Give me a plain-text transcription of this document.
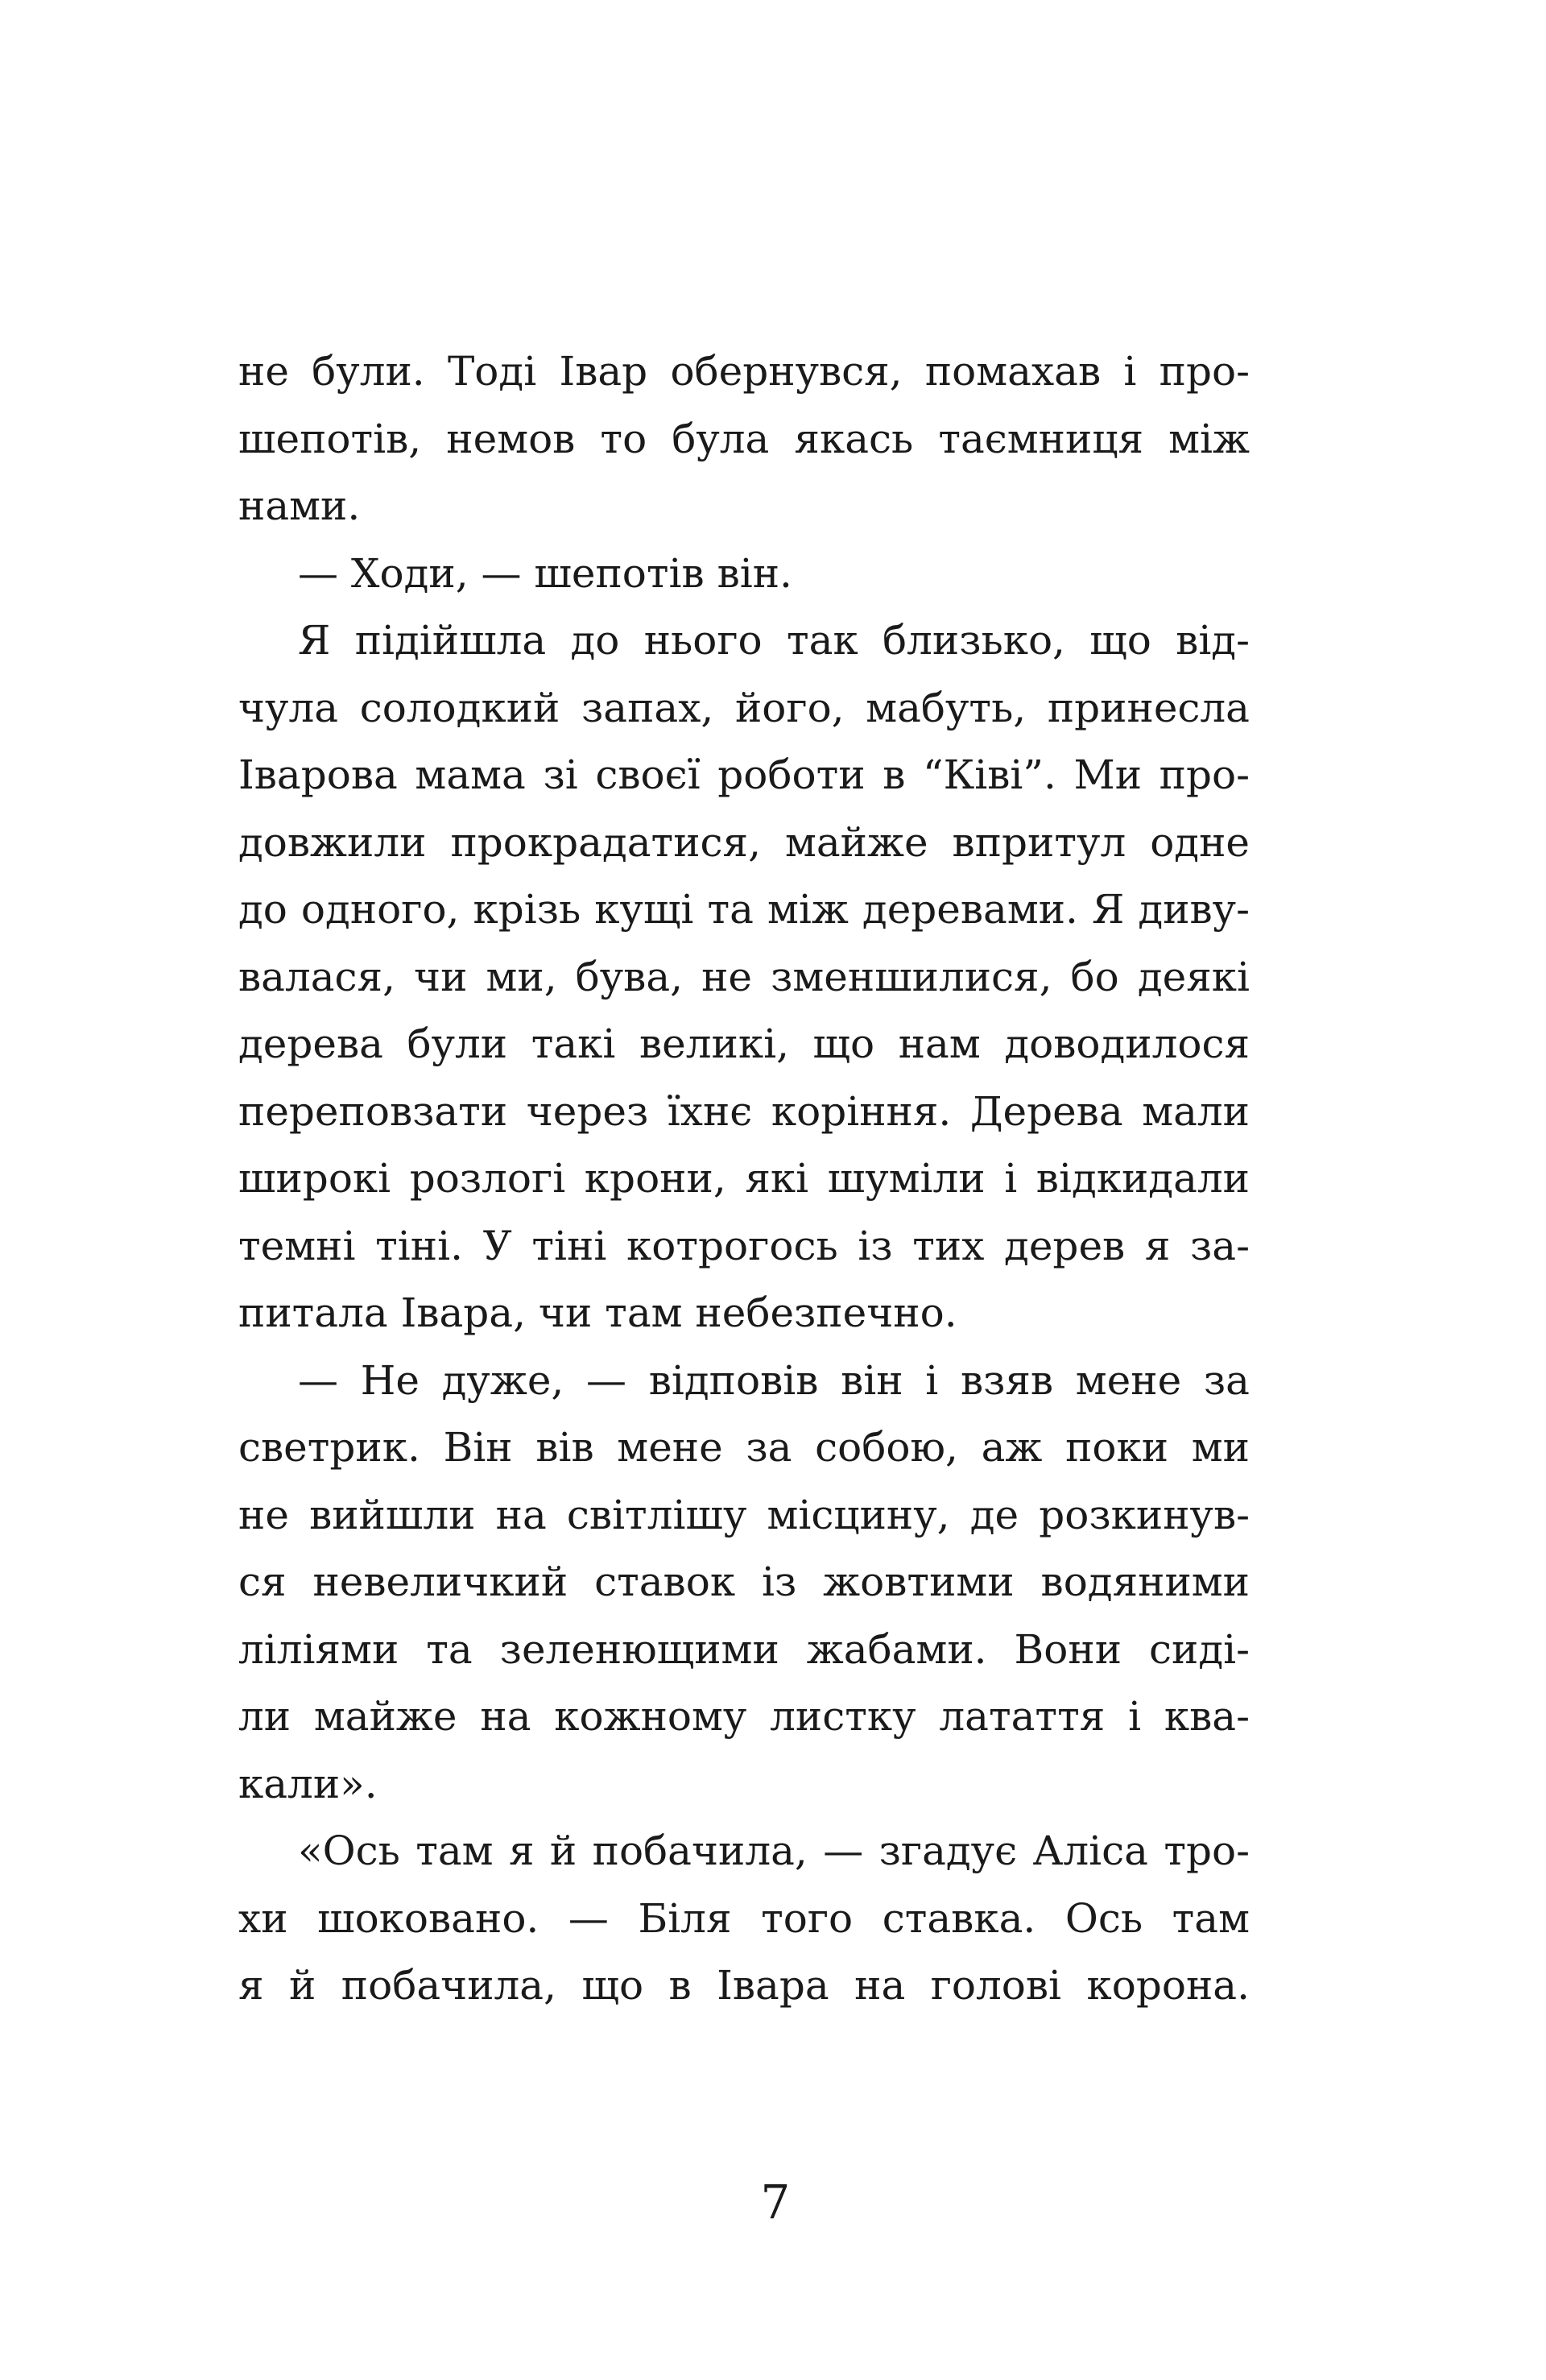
не були. Тоді Івар обернувся, помахав і про-
шепотів, немов то була якась таємниця між
нами.
— Ходи, — шепотів він.
Я підійшла до нього так близько, що від-
чула солодкий запах, його, мабуть, принесла
Іварова мама зі своєї роботи в “Ківі”. Ми про-
довжили прокрадатися, майже впритул одне
до одного, крізь кущі та між деревами. Я диву-
валася, чи ми, бува, не зменшилися, бо деякі
дерева були такі великі, що нам доводилося
переповзати через їхнє коріння. Дерева мали
широкі розлогі крони, які шуміли і відкидали
темні тіні. У тіні котрогось із тих дерев я за-
питала Івара, чи там небезпечно.
— Не дуже, — відповів він і взяв мене за
светрик. Він вів мене за собою, аж поки ми
не вийшли на світлішу місцину, де розкинув-
ся невеличкий ставок із жовтими водяними
ліліями та зеленющими жабами. Вони сиді-
ли майже на кожному листку латаття і ква-
кали».
«Ось там я й побачила, — згадує Аліса тро-
хи шоковано. — Біля того ставка. Ось там
я й побачила, що в Івара на голові корона.
7
